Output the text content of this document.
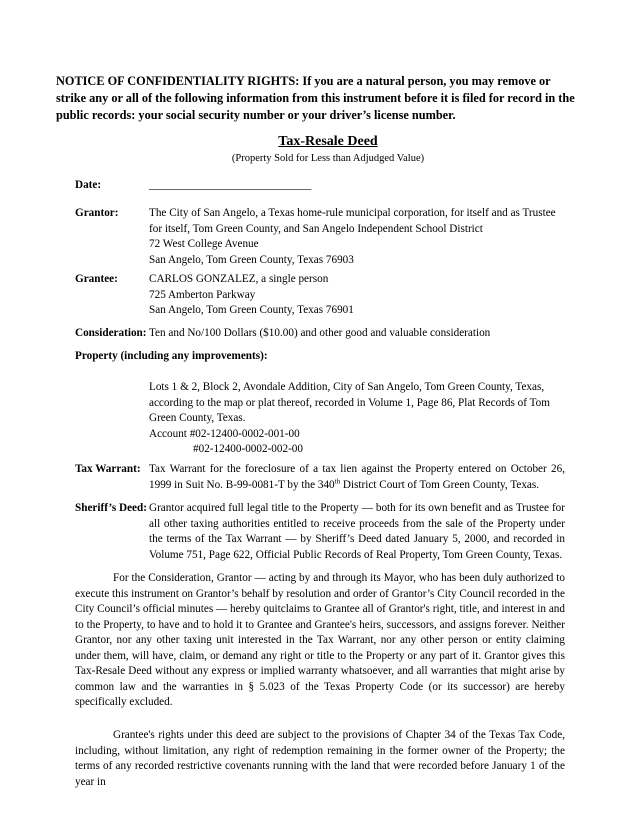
NOTICE OF CONFIDENTIALITY RIGHTS: If you are a natural person, you may remove or strike any or all of the following information from this instrument before it is filed for record in the public records: your social security number or your driver’s license number.
Tax-Resale Deed
(Property Sold for Less than Adjudged Value)
Date:	_____________________________
Grantor:	The City of San Angelo, a Texas home-rule municipal corporation, for itself and as Trustee
for itself, Tom Green County, and San Angelo Independent School District
72 West College Avenue
San Angelo, Tom Green County, Texas 76903
Grantee:	CARLOS GONZALEZ, a single person
725 Amberton Parkway
San Angelo, Tom Green County, Texas 76901
Consideration: Ten and No/100 Dollars ($10.00) and other good and valuable consideration
Property (including any improvements):
Lots 1 & 2, Block 2, Avondale Addition, City of San Angelo, Tom Green County, Texas, according to the map or plat thereof, recorded in Volume 1, Page 86, Plat Records of Tom Green County, Texas.
Account #02-12400-0002-001-00
#02-12400-0002-002-00
Tax Warrant: Tax Warrant for the foreclosure of a tax lien against the Property entered on October 26, 1999 in Suit No. B-99-0081-T by the 340th District Court of Tom Green County, Texas.
Sheriff’s Deed: Grantor acquired full legal title to the Property — both for its own benefit and as Trustee for all other taxing authorities entitled to receive proceeds from the sale of the Property under the terms of the Tax Warrant — by Sheriff’s Deed dated January 5, 2000, and recorded in Volume 751, Page 622, Official Public Records of Real Property, Tom Green County, Texas.
For the Consideration, Grantor — acting by and through its Mayor, who has been duly authorized to execute this instrument on Grantor’s behalf by resolution and order of Grantor’s City Council recorded in the City Council’s official minutes — hereby quitclaims to Grantee all of Grantor's right, title, and interest in and to the Property, to have and to hold it to Grantee and Grantee's heirs, successors, and assigns forever. Neither Grantor, nor any other taxing unit interested in the Tax Warrant, nor any other person or entity claiming under them, will have, claim, or demand any right or title to the Property or any part of it. Grantor gives this Tax-Resale Deed without any express or implied warranty whatsoever, and all warranties that might arise by common law and the warranties in § 5.023 of the Texas Property Code (or its successor) are hereby specifically excluded.
Grantee's rights under this deed are subject to the provisions of Chapter 34 of the Texas Tax Code, including, without limitation, any right of redemption remaining in the former owner of the Property; the terms of any recorded restrictive covenants running with the land that were recorded before January 1 of the year in
